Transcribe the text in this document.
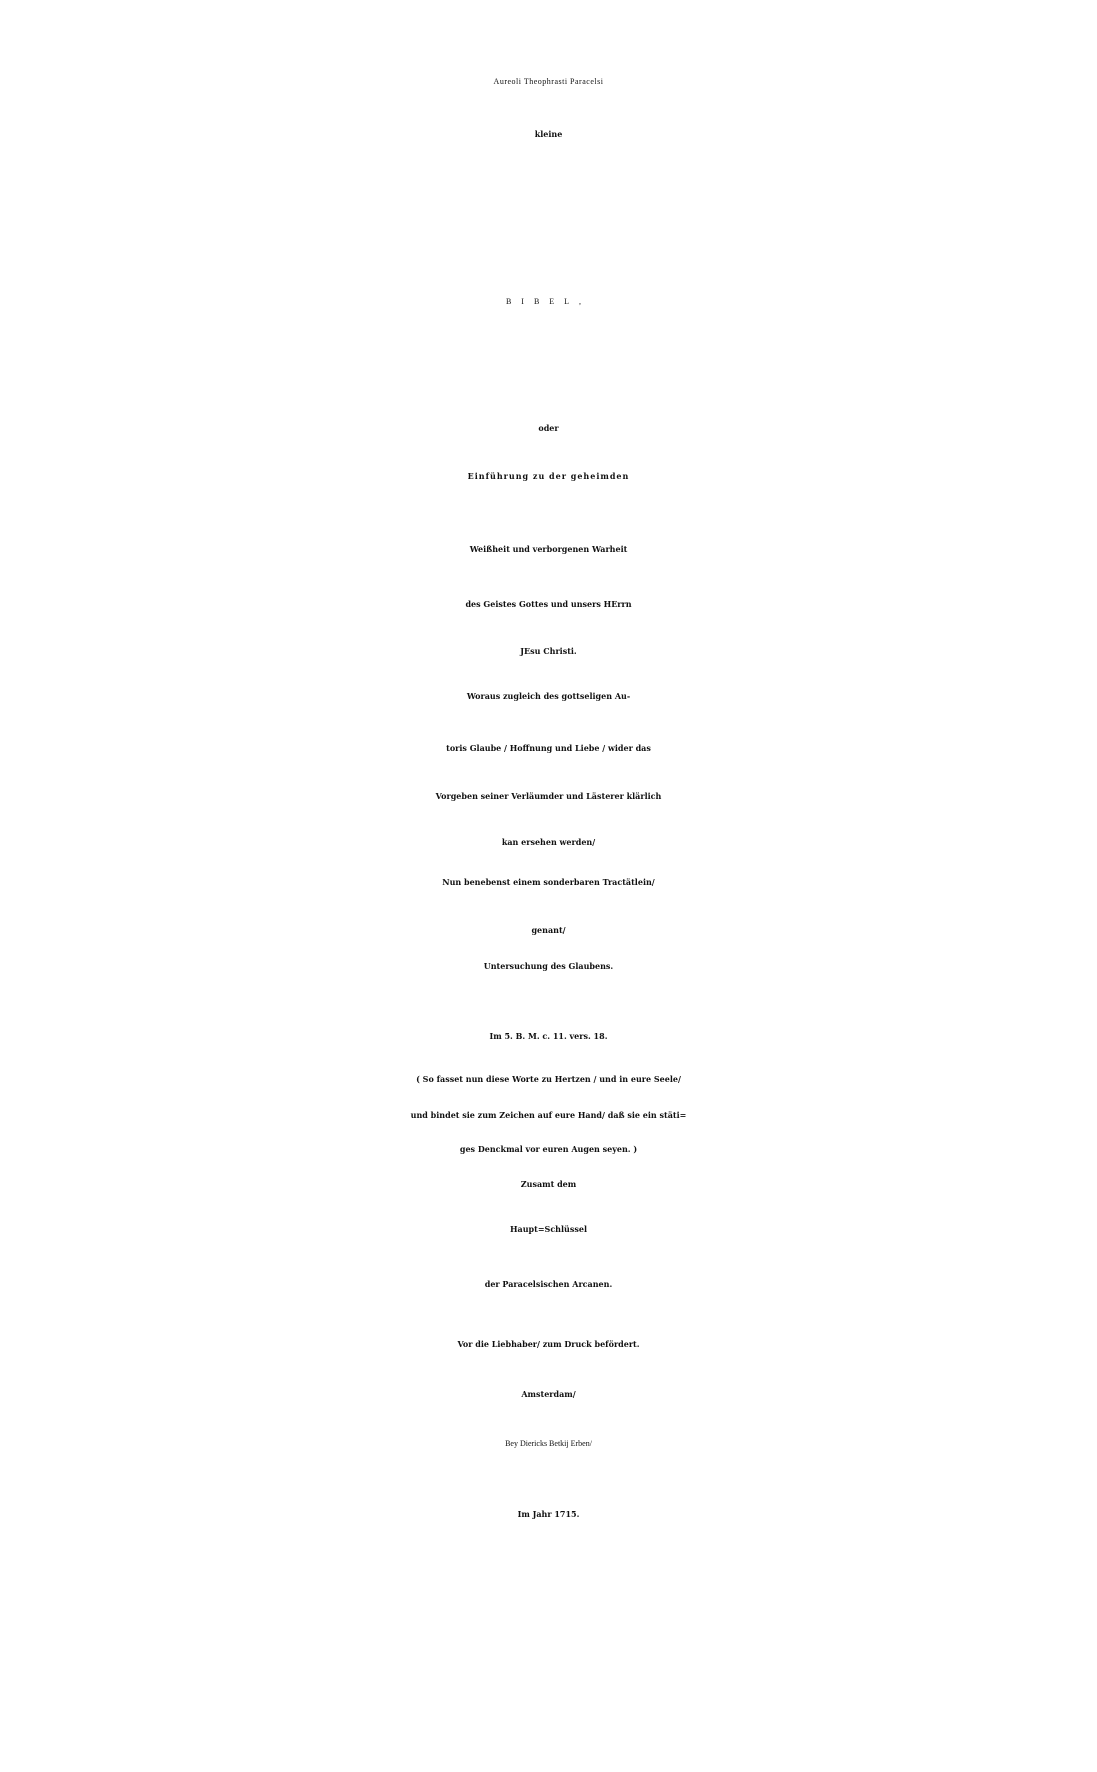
Aureoli Theophrasti Paracelsi

kleine

BIBEL,

oder

Einführung zu der geheimden

Weißheit und verborgenen Warheit

des Geistes Gottes und unsers HErrn

JEsu Christi.

Woraus zugleich des gottseligen Au-

toris Glaube / Hoffnung und Liebe / wider das

Vorgeben seiner Verläumder und Lästerer klärlich

kan ersehen werden/

Nun benebenst einem sonderbaren Tractätlein/

genant/

Untersuchung des Glaubens.

Im 5. B. M. c. 11. vers. 18.

( So fasset nun diese Worte zu Hertzen / und in eure Seele/

und bindet sie zum Zeichen auf eure Hand/ daß sie ein stäti=

ges Denckmal vor euren Augen seyen. )

Zusamt dem

Haupt=Schlüssel

der Paracelsischen Arcanen.

Vor die Liebhaber/ zum Druck befördert.

Amsterdam/

Bey Diericks Betkij Erben/

Im Jahr 1715.
